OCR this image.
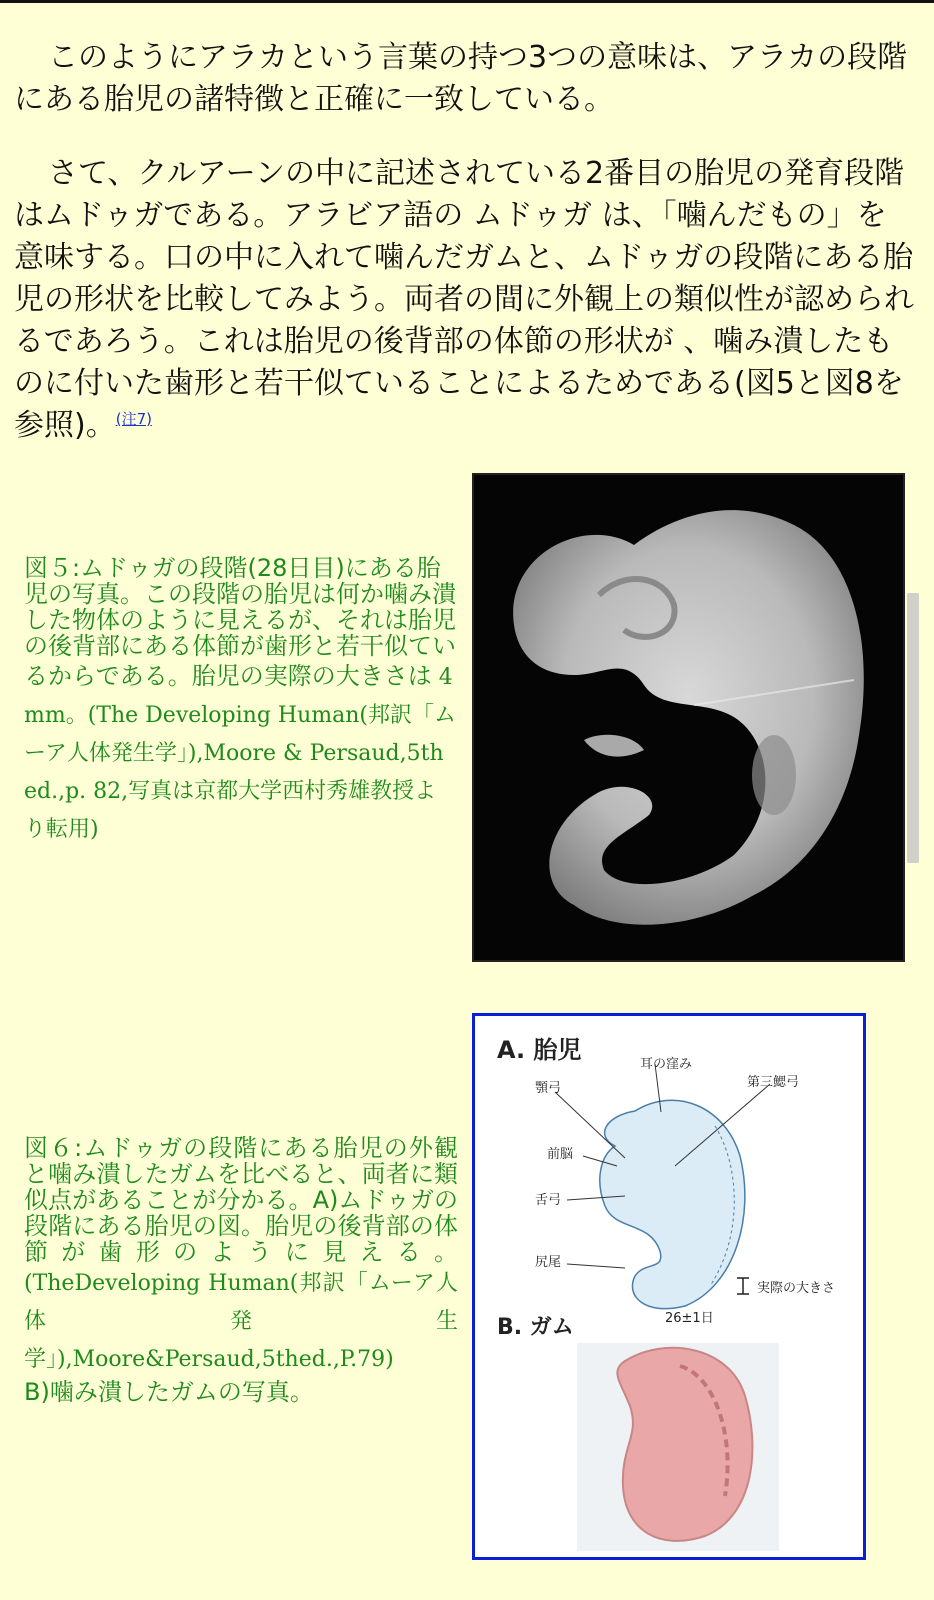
このようにアラカという言葉の持つ3つの意味は、アラカの段階にある胎児の諸特徴と正確に一致している。

さて、クルアーンの中に記述されている2番目の胎児の発育段階はムドゥガである。アラビア語の ムドゥガ は、「噛んだもの」を意味する。口の中に入れて噛んだガムと、ムドゥガの段階にある胎児の形状を比較してみよう。両者の間に外観上の類似性が認められるであろう。これは胎児の後背部の体節の形状が 、噛み潰したものに付いた歯形と若干似ていることによるためである(図5と図8を参照)。$^{(注7)}$

図５:ムドゥガの段階(28日目)にある胎児の写真。この段階の胎児は何か噛み潰した物体のように見えるが、それは胎児の後背部にある体節が歯形と若干似ているからである。胎児の実際の大きさは 4 mm。(The Developing Human(邦訳「ムーア人体発生学」),Moore & Persaud,5th ed.,p. 82,写真は京都大学西村秀雄教授より転用)

図６:ムドゥガの段階にある胎児の外観と噛み潰したガムを比べると、両者に類似点があることが分かる。A)ムドゥガの段階にある胎児の図。胎児の後背部の体節が歯形のように見える。(TheDeveloping Human(邦訳「ムーア人体発生学」),Moore&Persaud,5thed.,P.79)
B)噛み潰したガムの写真。

A. 胎児
耳の窪み
第三鰓弓
顎弓
前脳
舌弓
尻尾
実際の大きさ
26±1日
B. ガム
